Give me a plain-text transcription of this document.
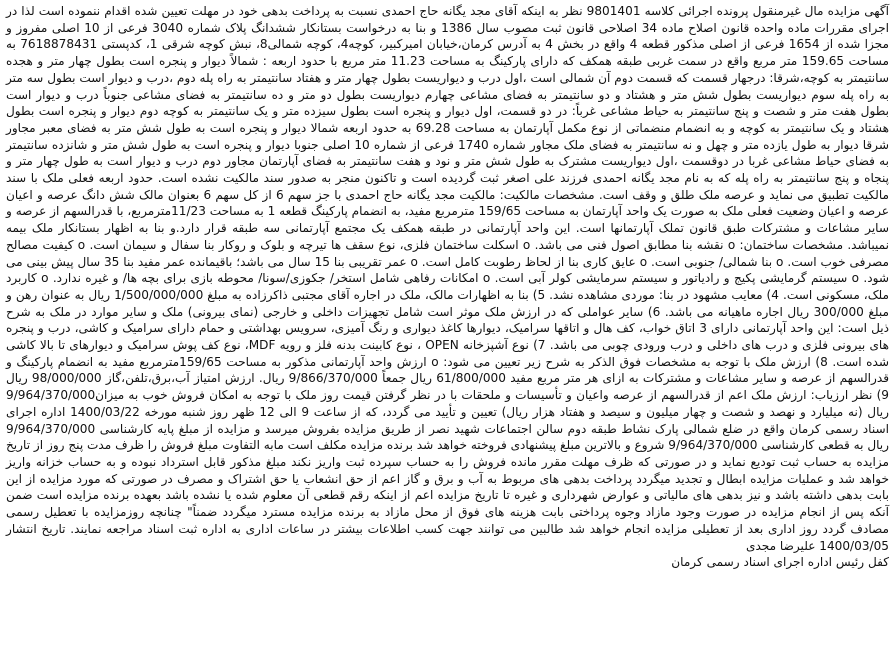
آگهی مزایده مال غیرمنقول پرونده اجرائی کلاسه 9801401 نظر به اینکه آقای مجد یگانه حاج احمدی نسبت به پرداخت بدهی خود در مهلت تعیین شده اقدام ننموده است لذا در اجرای مقررات ماده واحده قانون اصلاح ماده 34 اصلاحی قانون ثبت مصوب سال 1386 و بنا به درخواست بستانکار ششدانگ پلاک شماره 3040 فرعی از 10 اصلی مفروز و مجزا شده از 1654 فرعی از اصلی مذکور قطعه 4 واقع در بخش 4 به آدرس کرمان،خیابان امیرکبیر، کوچه4، کوچه شمالی8، نبش کوچه شرقی 1، کدپستی 7618878431 به مساحت 159.65 متر مربع واقع در سمت غربی طبقه همکف که دارای پارکینگ به مساحت 11.23 متر مربع با حدود اربعه : شمالاً دیوار و پنجره است بطول چهار متر و هجده سانتیمتر به کوچه،شرقا: درجهار قسمت که قسمت دوم آن شمالی است ،اول درب و دیواریست بطول چهار متر و هفتاد سانتیمتر به راه پله دوم ،درب و دیوار است بطول سه متر به راه پله سوم دیواریست بطول شش متر و هشتاد و دو سانتیمتر به فضای مشاعی چهارم دیواریست بطول دو متر و ده سانتیمتر به فضای مشاعی جنوباً درب و دیوار است بطول هفت متر و شصت و پنج سانتیمتر به حیاط مشاعی غرباً: در دو قسمت، اول دیوار و پنجره است بطول سیزده متر و یک سانتیمتر به کوچه دوم دیوار و پنجره است بطول هشتاد و یک سانتیمتر به کوچه و به انضمام منضماتی از نوع مکمل آپارتمان به مساحت 69.28 به حدود اربعه شمالا دیوار و پنجره است به طول شش متر به فضای معبر مجاور شرقا دیوار به طول یازده متر و چهل و نه سانتیمتر به فضای ملک مجاور شماره 1740 فرعی از شماره 10 اصلی جنوبا دیوار و پنجره است به طول شش متر و شانزده سانتیمتر به فضای حیاط مشاعی غربا در دوقسمت ،اول دیواریست مشترک به طول شش متر و نود و هفت سانتیمتر به فضای آپارتمان مجاور دوم درب و دیوار است به طول چهار متر و پنجاه و پنج سانتیمتر به راه پله که به نام مجد یگانه احمدی فرزند علی اصغر ثبت گردیده است و تاکنون منجر به صدور سند مالکیت نشده است. حدود اربعه فعلی ملک با سند مالکیت تطبیق می نماید و عرصه ملک طلق و وقف است. مشخصات مالکیت: مالکیت مجد یگانه حاج احمدی با جز سهم 6 از کل سهم 6 بعنوان مالک شش دانگ عرصه و اعیان عرصه و اعیان وضعیت فعلی ملک به صورت یک واحد آپارتمان به مساحت 159/65 مترمربع مفید، به انضمام پارکینگ قطعه 1 به مساحت 11/23مترمربع، با قدرالسهم از عرصه و سایر مشاعات و مشترکات طبق قانون تملک آپارتمانها است. این واحد آپارتمانی در طبقه همکف یک مجتمع آپارتمانی سه طبقه قرار دارد.و بنا به اظهار بستانکار ملک بیمه نمیباشد. مشخصات ساختمان: o نقشه بنا مطابق اصول فنی می باشد. o اسکلت ساختمان فلزی، نوع سقف ها تیرچه و بلوک و روکار بنا سفال و سیمان است. o کیفیت مصالح مصرفی خوب است. o بنا شمالی/ جنوبی است. o عایق کاری بنا از لحاظ رطوبت کامل است. o عمر تقریبی بنا 15 سال می باشد؛ باقیمانده عمر مفید بنا 35 سال پیش بینی می شود. o سیستم گرمایشی پکیج و رادیاتور و سیستم سرمایشی کولر آبی است. o امکانات رفاهی شامل استخر/ جکوزی/سونا/ محوطه بازی برای بچه ها/ و غیره ندارد. o کاربرد ملک، مسکونی است. 4) معایب مشهود در بنا: موردی مشاهده نشد. 5) بنا به اظهارات مالک، ملک در اجاره آقای مجتبی ذاکرزاده به مبلغ 1/500/000/000 ریال به عنوان رهن و مبلغ 300/000 ریال اجاره ماهیانه می باشد. 6) سایر عواملی که در ارزش ملک موثر است شامل تجهیزات داخلی و خارجی (نمای بیرونی) ملک و سایر موارد در ملک به شرح ذیل است: این واحد آپارتمانی دارای 3 اتاق خواب، کف هال و اتاقها سرامیک، دیوارها کاغذ دیواری و رنگ آمیزی، سرویس بهداشتی و حمام دارای سرامیک و کاشی، درب و پنجره های بیرونی فلزی و درب های داخلی و درب ورودی چوبی می باشد. 7) نوع آشپزخانه OPEN ، نوع کابینت بدنه فلز و رویه MDF، نوع کف پوش سرامیک و دیوارهای تا بالا کاشی شده است. 8) ارزش ملک با توجه به مشخصات فوق الذکر به شرح زیر تعیین می شود: o ارزش واحد آپارتمانی مذکور به مساحت 159/65مترمربع مفید به انضمام پارکینگ و قدرالسهم از عرصه و سایر مشاعات و مشترکات به ازای هر متر مربع مفید 61/800/000 ریال جمعاً 9/866/370/000 ریال. ارزش امتیاز آب،برق،تلفن،گاز 98/000/000 ریال 9) نظر ارزیاب: ارزش ملک اعم از قدرالسهم از عرصه واعیان و تأسیسات و ملحقات با در نظر گرفتن قیمت روز ملک با توجه به امکان فروش خوب به میزان9/964/370/000 ریال (نه میلیارد و نهصد و شصت و چهار میلیون و سیصد و هفتاد هزار ریال) تعیین و تأیید می گردد، که از ساعت 9 الی 12 ظهر روز شنبه مورخه 1400/03/22 اداره اجرای اسناد رسمی کرمان واقع در ضلع شمالی پارک نشاط طبقه دوم سالن اجتماعات شهید نصر از طریق مزایده بفروش میرسد و مزایده از مبلغ پایه کارشناسی 9/964/370/000 ریال به قطعی کارشناسی 9/964/370/000 شروع و بالاترین مبلغ پیشنهادی فروخته خواهد شد برنده مزایده مکلف است مابه التفاوت مبلغ فروش را ظرف مدت پنج روز از تاریخ مزایده به حساب ثبت تودیع نماید و در صورتی که ظرف مهلت مقرر مانده فروش را به حساب سپرده ثبت واریز نکند مبلغ مذکور قابل استرداد نبوده و به حساب خزانه واریز خواهد شد و عملیات مزایده ابطال و تجدید میگردد پرداخت بدهی های مربوط به آب و برق و گاز اعم از حق انشعاب یا حق اشتراک و مصرف در صورتی که مورد مزایده از این بابت بدهی داشته باشد و نیز بدهی های مالیاتی و عوارض شهرداری و غیره تا تاریخ مزایده اعم از اینکه رقم قطعی آن معلوم شده یا نشده باشد بعهده برنده مزایده است ضمن آنکه پس از انجام مزایده در صورت وجود مازاد وجوه پرداختی بابت هزینه های فوق از محل مازاد به برنده مزایده مسترد میگردد ضمناً" چنانچه روزمزایده با تعطیل رسمی مصادف گردد روز اداری بعد از تعطیلی مزایده انجام خواهد شد طالبین می توانند جهت کسب اطلاعات بیشتر در ساعات اداری به اداره ثبت اسناد مراجعه نمایند. تاریخ انتشار 1400/03/05 علیرضا مجدی

کفل رئیس اداره اجرای اسناد رسمی کرمان
